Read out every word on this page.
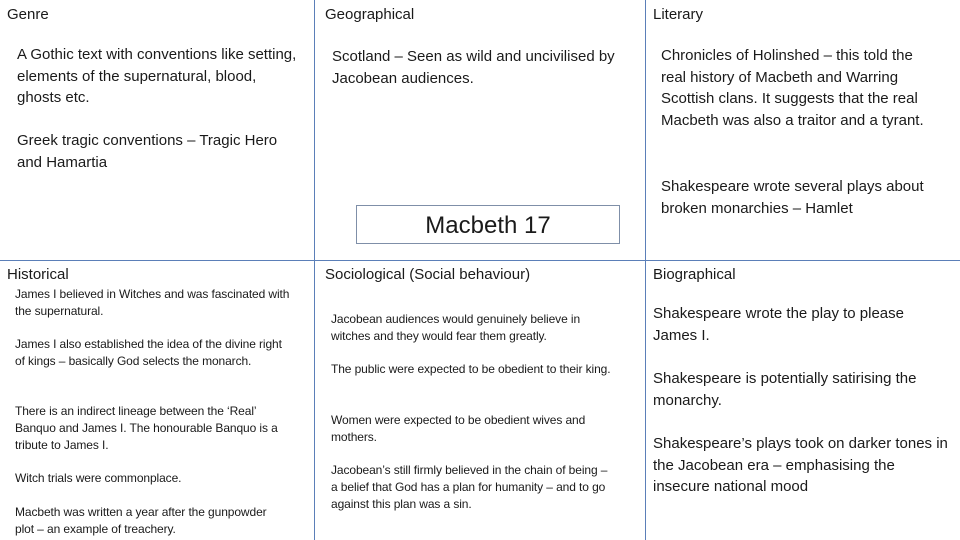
Genre

A Gothic text with conventions like setting, elements of the supernatural, blood, ghosts etc.

Greek tragic conventions – Tragic Hero and Hamartia

Geographical

Scotland – Seen as wild and uncivilised by Jacobean audiences.

Macbeth 17
Literary

Chronicles of Holinshed – this told the real history of Macbeth and Warring Scottish clans. It suggests that the real Macbeth was also a traitor and a tyrant.

Shakespeare wrote several plays about broken monarchies – Hamlet

Historical

James I believed in Witches and was fascinated with the supernatural.

James I also established the idea of the divine right of kings – basically God selects the monarch.

There is an indirect lineage between the ‘Real’ Banquo and James I. The honourable Banquo is a tribute to James I.

Witch trials were commonplace.

Macbeth was written a year after the gunpowder plot – an example of treachery.

Sociological (Social behaviour)

Jacobean audiences would genuinely believe in witches and they would fear them greatly.

The public were expected to be obedient to their king.

Women were expected to be obedient wives and mothers.

Jacobean’s still firmly believed in the chain of being – a belief that God has a plan for humanity – and to go against this plan was a sin.

Biographical

Shakespeare wrote the play to please James I.

Shakespeare is potentially satirising the monarchy.

Shakespeare’s plays took on darker tones in the Jacobean era – emphasising the insecure national mood
